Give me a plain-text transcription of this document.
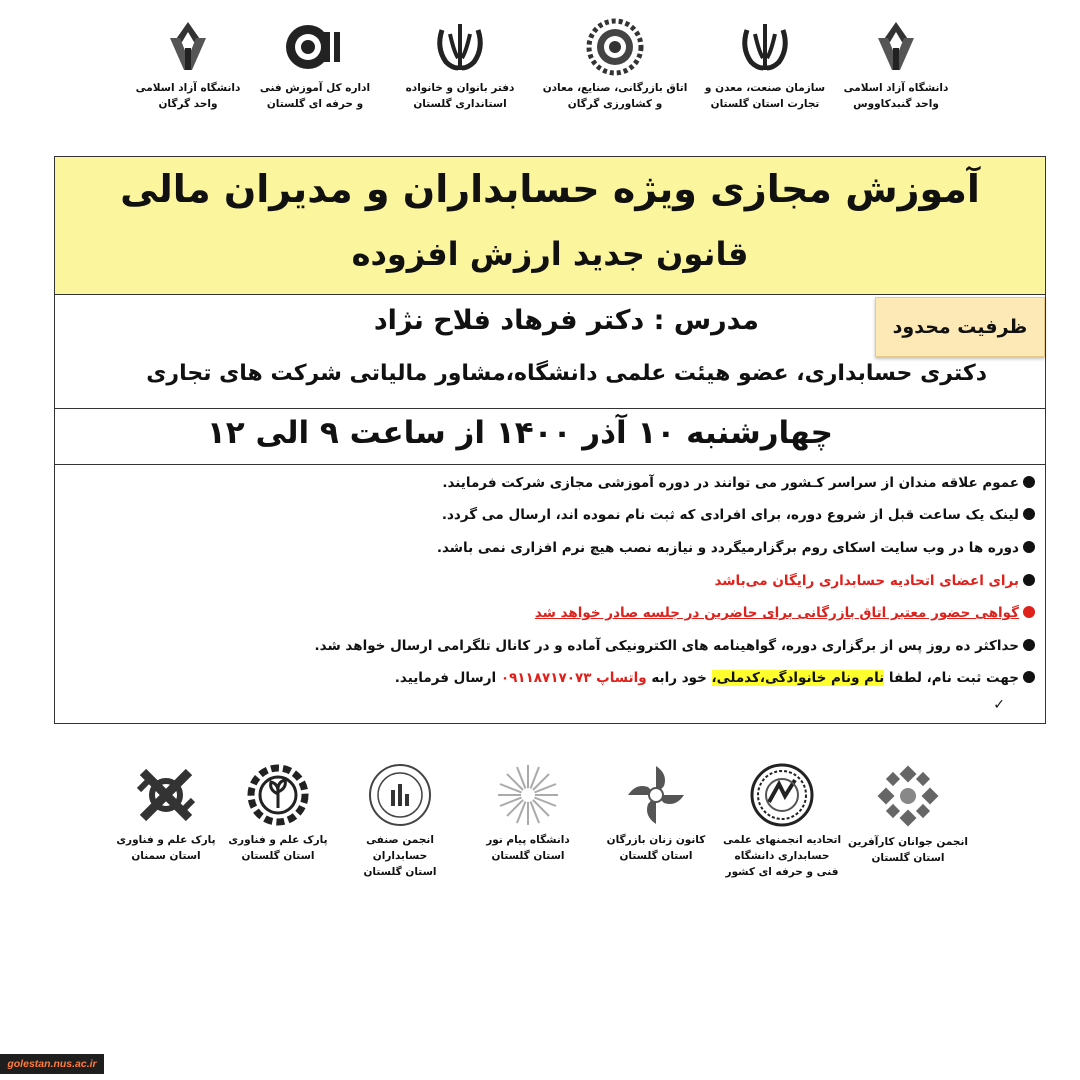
دانشگاه آزاد اسلامی
واحد گنبدکاووس
سازمان صنعت، معدن و
تجارت استان گلستان
اتاق بازرگانی، صنایع، معادن
و کشاورزی گرگان
دفتر بانوان و خانواده
استانداری گلستان
اداره کل آموزش فنی
و حرفه ای گلستان
دانشگاه آزاد اسلامی
واحد گرگان
آموزش مجازی ویژه حسابداران و مدیران مالی
قانون جدید ارزش افزوده
ظرفیت محدود
مدرس : دکتر فرهاد فلاح نژاد
دکتری حسابداری، عضو هیئت علمی دانشگاه،مشاور مالیاتی شرکت های تجاری
چهارشنبه ۱۰ آذر ۱۴۰۰ از ساعت ۹ الی ۱۲
عموم علاقه مندان از سراسر کـشور می توانند در دوره آموزشی مجازی شرکت فرمایند.
لینک یک ساعت قبل از شروع دوره، برای افرادی که ثبت نام نموده اند، ارسال می گردد.
دوره ها در وب سایت اسکای روم برگزارمیگردد و نیازبه نصب هیچ نرم افزاری نمی باشد.
برای اعضای اتحادیه حسابداری رایگان می‌باشد
گواهی حضور معتبر اتاق بازرگانی برای حاضرین در جلسه صادر خواهد شد
حداکثر ده روز پس از برگزاری دوره، گواهینامه های الکترونیکی آماده و در کانال تلگرامی ارسال خواهد شد.
جهت ثبت نام، لطفا نام ونام خانوادگی،کدملی، خود رابه واتساپ ۰۹۱۱۸۷۱۷۰۷۳ ارسال فرمایید.
✓
انجمن جوانان کارآفرین
استان گلستان
اتحادیه انجمنهای علمی
حسابداری دانشگاه
فنی و حرفه ای کشور
کانون زنان بازرگان
استان گلستان
دانشگاه پیام نور
استان گلستان
انجمن صنفی حسابداران
استان گلستان
پارک علم و فناوری
استان گلستان
پارک علم و فناوری
استان سمنان
golestan.nus.ac.ir
